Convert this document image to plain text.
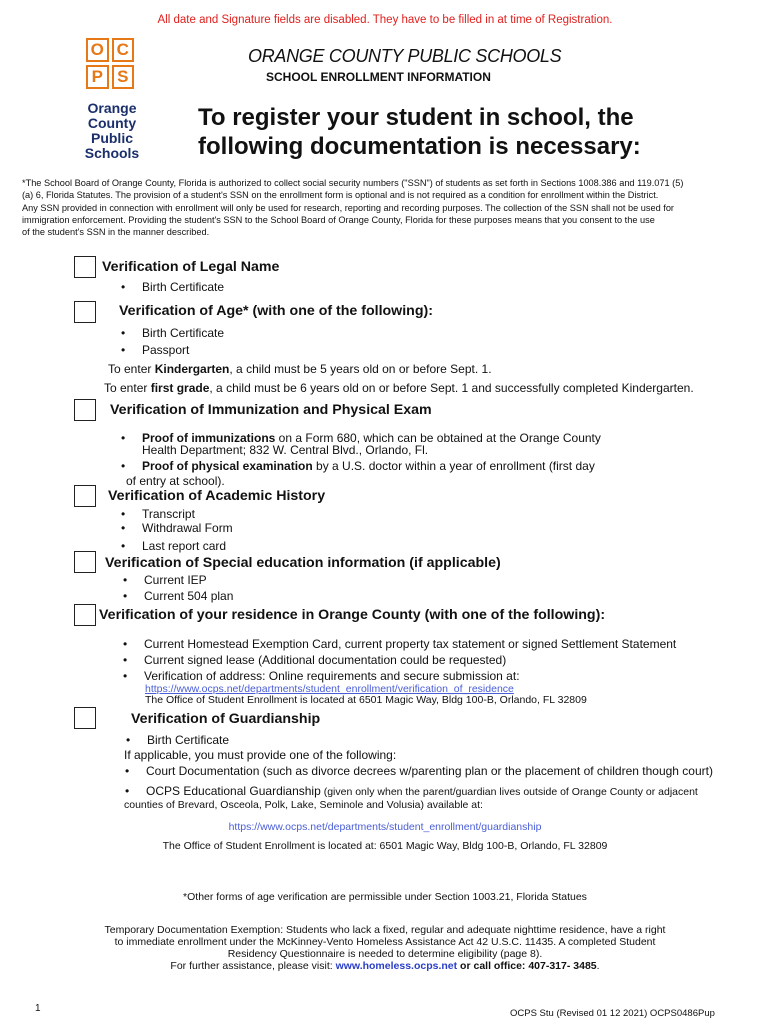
All date and Signature fields are disabled. They have to be filled in at time of Registration.
O C
P S
Orange County
Public Schools
ORANGE COUNTY PUBLIC SCHOOLS
SCHOOL ENROLLMENT INFORMATION
To register your student in school, the
following documentation is necessary:
*The School Board of Orange County, Florida is authorized to collect social security numbers ("SSN") of students as set forth in Sections 1008.386 and 119.071 (5)
(a) 6, Florida Statutes. The provision of a student's SSN on the enrollment form is optional and is not required as a condition for enrollment within the District.
Any SSN provided in connection with enrollment will only be used for research, reporting and recording purposes. The collection of the SSN shall not be used for
immigration enforcement. Providing the student's SSN to the School Board of Orange County, Florida for these purposes means that you consent to the use
of the student's SSN in the manner described.
Verification of Legal Name
• Birth Certificate
Verification of Age* (with one of the following):
• Birth Certificate
• Passport
To enter Kindergarten, a child must be 5 years old on or before Sept. 1.
To enter first grade, a child must be 6 years old on or before Sept. 1 and successfully completed Kindergarten.
Verification of Immunization and Physical Exam
• Proof of immunizations on a Form 680, which can be obtained at the Orange County
Health Department; 832 W. Central Blvd., Orlando, Fl.
• Proof of physical examination by a U.S. doctor within a year of enrollment (first day
of entry at school).
Verification of Academic History
• Transcript
• Withdrawal Form
• Last report card
Verification of Special education information (if applicable)
• Current IEP
• Current 504 plan
Verification of your residence in Orange County (with one of the following):
• Current Homestead Exemption Card, current property tax statement or signed Settlement Statement
• Current signed lease (Additional documentation could be requested)
• Verification of address: Online requirements and secure submission at:
https://www.ocps.net/departments/student_enrollment/verification_of_residence
The Office of Student Enrollment is located at 6501 Magic Way, Bldg 100-B, Orlando, FL 32809
Verification of Guardianship
• Birth Certificate
If applicable, you must provide one of the following:
• Court Documentation (such as divorce decrees w/parenting plan or the placement of children though court)
• OCPS Educational Guardianship (given only when the parent/guardian lives outside of Orange County or adjacent
counties of Brevard, Osceola, Polk, Lake, Seminole and Volusia) available at:
https://www.ocps.net/departments/student_enrollment/guardianship
The Office of Student Enrollment is located at: 6501 Magic Way, Bldg 100-B, Orlando, FL 32809
*Other forms of age verification are permissible under Section 1003.21, Florida Statues
Temporary Documentation Exemption: Students who lack a fixed, regular and adequate nighttime residence, have a right
to immediate enrollment under the McKinney-Vento Homeless Assistance Act 42 U.S.C. 11435. A completed Student
Residency Questionnaire is needed to determine eligibility (page 8).
For further assistance, please visit: www.homeless.ocps.net or call office: 407-317- 3485.
1	OCPS Stu (Revised 01 12 2021) OCPS0486Pup
